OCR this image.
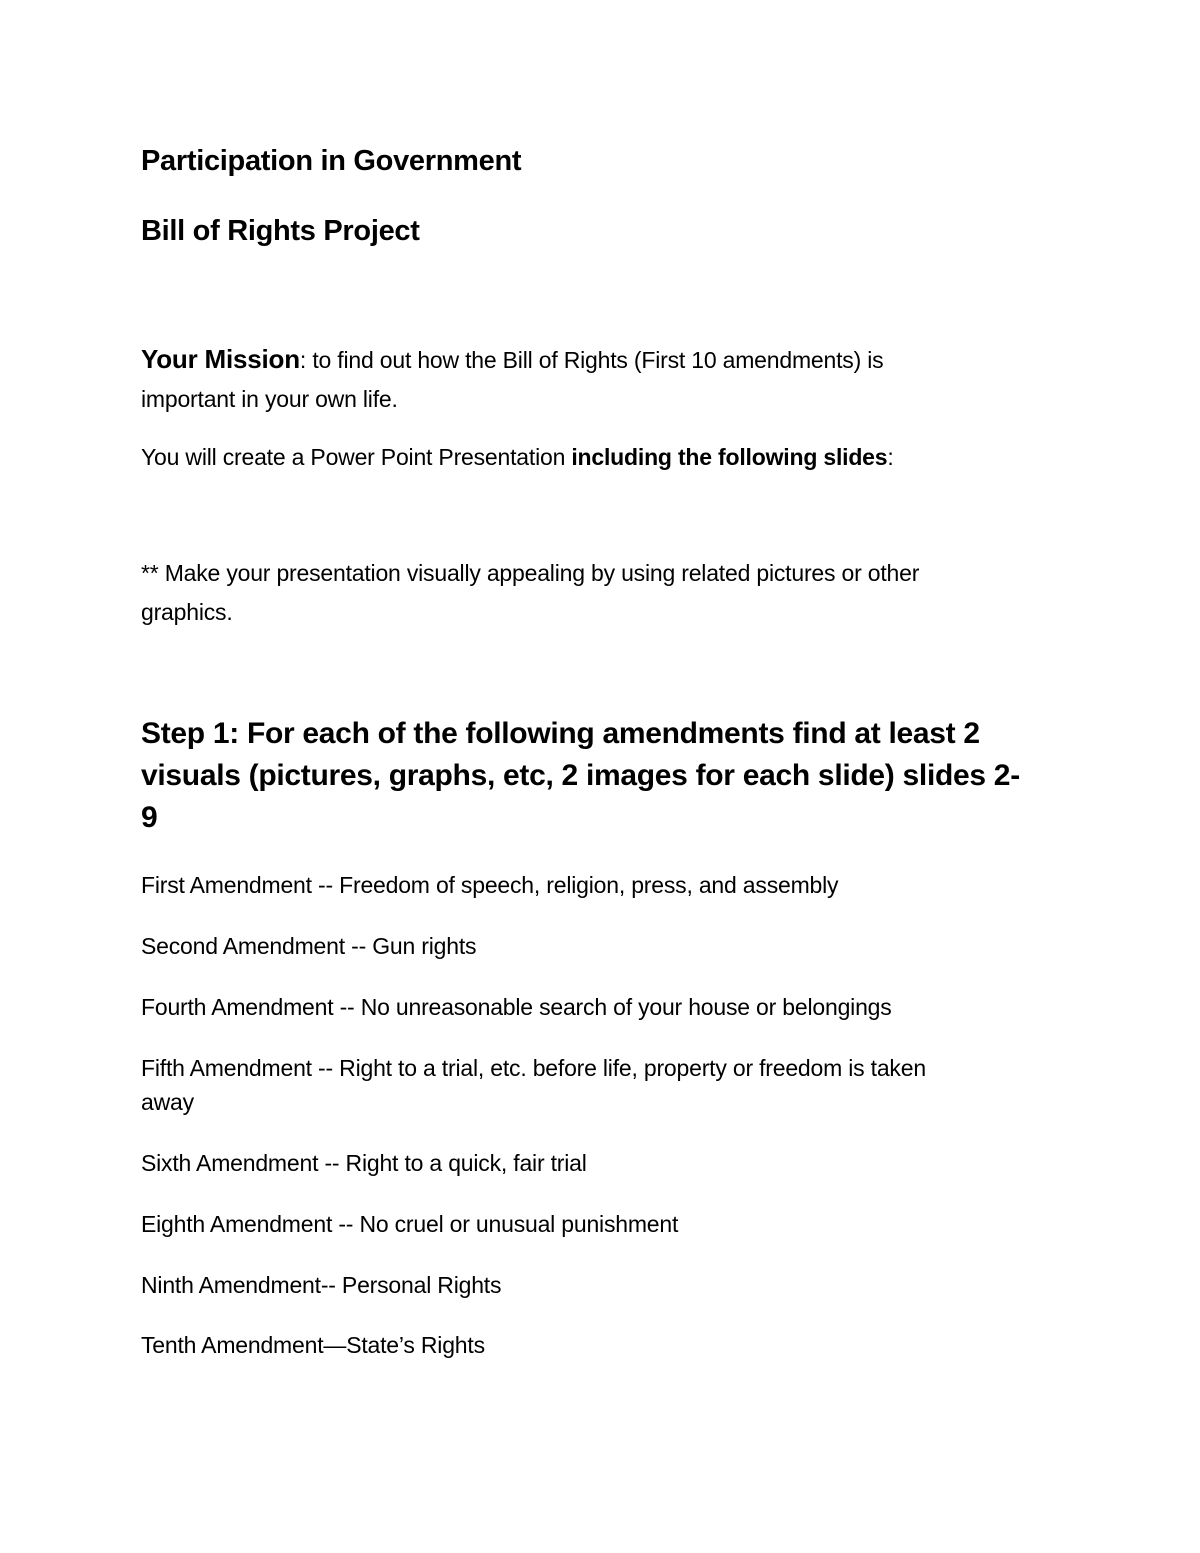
Participation in Government
Bill of Rights Project
Your Mission: to find out how the Bill of Rights (First 10 amendments) is
important in your own life.
You will create a Power Point Presentation including the following slides:
** Make your presentation visually appealing by using related pictures or other
graphics.
Step 1: For each of the following amendments find at least 2
visuals (pictures, graphs, etc, 2 images for each slide) slides 2-
9
First Amendment -- Freedom of speech, religion, press, and assembly
Second Amendment -- Gun rights
Fourth Amendment -- No unreasonable search of your house or belongings
Fifth Amendment -- Right to a trial, etc. before life, property or freedom is taken
away
Sixth Amendment -- Right to a quick, fair trial
Eighth Amendment -- No cruel or unusual punishment
Ninth Amendment-- Personal Rights
Tenth Amendment—State’s Rights
